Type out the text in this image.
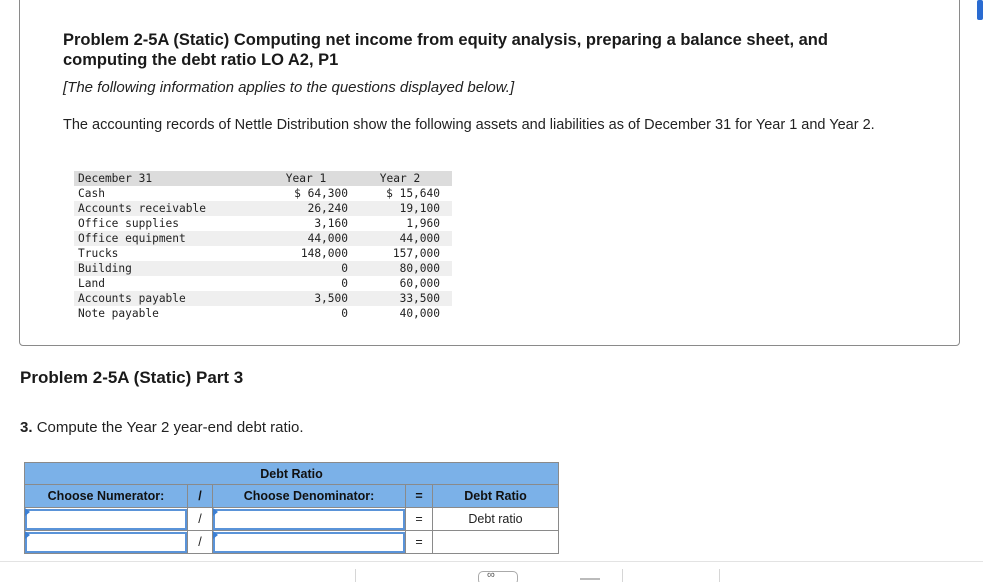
Problem 2-5A (Static) Computing net income from equity analysis, preparing a balance sheet, and computing the debt ratio LO A2, P1
[The following information applies to the questions displayed below.]
The accounting records of Nettle Distribution show the following assets and liabilities as of December 31 for Year 1 and Year 2.
December 31	Year 1	Year 2
Cash	$ 64,300	$ 15,640
Accounts receivable	26,240	19,100
Office supplies	3,160	1,960
Office equipment	44,000	44,000
Trucks	148,000	157,000
Building	0	80,000
Land	0	60,000
Accounts payable	3,500	33,500
Note payable	0	40,000
Problem 2-5A (Static) Part 3
3. Compute the Year 2 year-end debt ratio.
Debt Ratio				
Choose Numerator:	/	Choose Denominator:	=	Debt Ratio

	/		=	Debt ratio

	/		=	
∞
